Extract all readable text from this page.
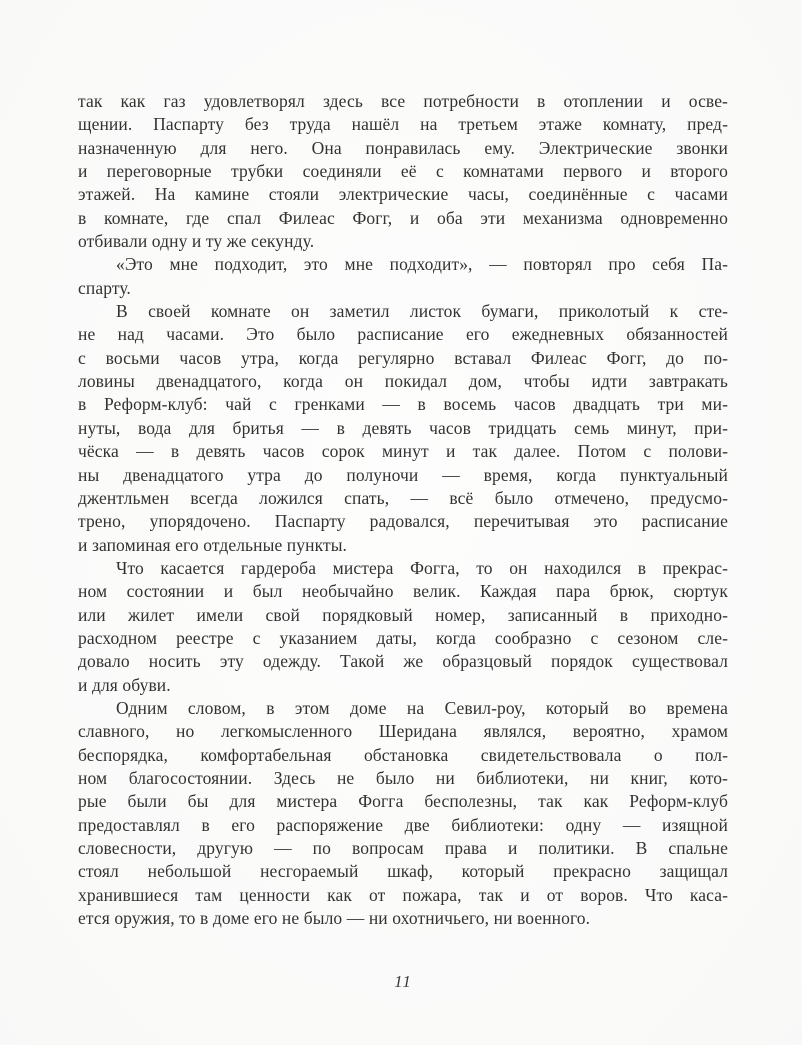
так как газ удовлетворял здесь все потребности в отоплении и осве-
щении. Паспарту без труда нашёл на третьем этаже комнату, пред-
назначенную для него. Она понравилась ему. Электрические звонки
и переговорные трубки соединяли её с комнатами первого и второго
этажей. На камине стояли электрические часы, соединённые с часами
в комнате, где спал Филеас Фогг, и оба эти механизма одновременно
отбивали одну и ту же секунду.
«Это мне подходит, это мне подходит», — повторял про себя Па-
спарту.
В своей комнате он заметил листок бумаги, приколотый к сте-
не над часами. Это было расписание его ежедневных обязанностей
с восьми часов утра, когда регулярно вставал Филеас Фогг, до по-
ловины двенадцатого, когда он покидал дом, чтобы идти завтракать
в Реформ-клуб: чай с гренками — в восемь часов двадцать три ми-
нуты, вода для бритья — в девять часов тридцать семь минут, при-
чёска — в девять часов сорок минут и так далее. Потом с полови-
ны двенадцатого утра до полуночи — время, когда пунктуальный
джентльмен всегда ложился спать, — всё было отмечено, предусмо-
трено, упорядочено. Паспарту радовался, перечитывая это расписание
и запоминая его отдельные пункты.
Что касается гардероба мистера Фогга, то он находился в прекрас-
ном состоянии и был необычайно велик. Каждая пара брюк, сюртук
или жилет имели свой порядковый номер, записанный в приходно-
расходном реестре с указанием даты, когда сообразно с сезоном сле-
довало носить эту одежду. Такой же образцовый порядок существовал
и для обуви.
Одним словом, в этом доме на Севил-роу, который во времена
славного, но легкомысленного Шеридана являлся, вероятно, храмом
беспорядка, комфортабельная обстановка свидетельствовала о пол-
ном благосостоянии. Здесь не было ни библиотеки, ни книг, кото-
рые были бы для мистера Фогга бесполезны, так как Реформ-клуб
предоставлял в его распоряжение две библиотеки: одну — изящной
словесности, другую — по вопросам права и политики. В спальне
стоял небольшой несгораемый шкаф, который прекрасно защищал
хранившиеся там ценности как от пожара, так и от воров. Что каса-
ется оружия, то в доме его не было — ни охотничьего, ни военного.
11
